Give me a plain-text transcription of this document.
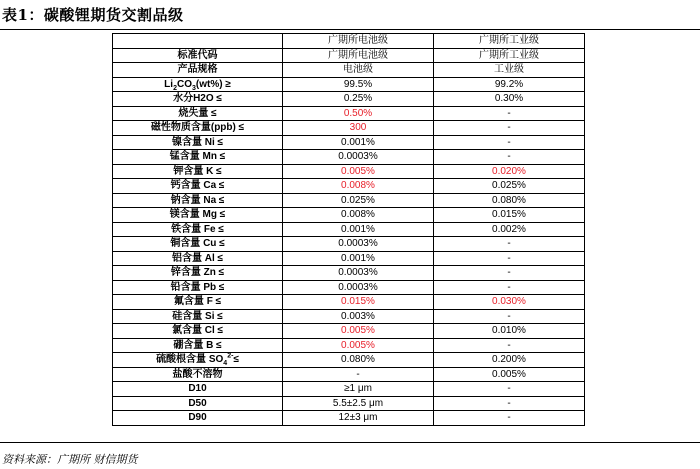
表1：碳酸锂期货交割品级
	广期所电池级	广期所工业级
标准代码	广期所电池级	广期所工业级
产品规格	电池级	工业级
$Li_2CO_3(wt\%)$ ≥	99.5%	99.2%
水分H2O ≤	0.25%	0.30%
烧失量 ≤	0.50%	-
磁性物质含量(ppb) ≤	300	-
镍含量 Ni ≤	0.001%	-
锰含量 Mn ≤	0.0003%	-
钾含量 K ≤	0.005%	0.020%
钙含量 Ca ≤	0.008%	0.025%
钠含量 Na ≤	0.025%	0.080%
镁含量 Mg ≤	0.008%	0.015%
铁含量 Fe ≤	0.001%	0.002%
铜含量 Cu ≤	0.0003%	-
铝含量 Al ≤	0.001%	-
锌含量 Zn ≤	0.0003%	-
铅含量 Pb ≤	0.0003%	-
氟含量 F ≤	0.015%	0.030%
硅含量 Si ≤	0.003%	-
氯含量 Cl ≤	0.005%	0.010%
硼含量 B ≤	0.005%	-
硫酸根含量 $SO_4^{2-}\le$	0.080%	0.200%
盐酸不溶物	-	0.005%
D10	≥1 μm	-
D50	5.5±2.5 μm	-
D90	12±3 μm	-
资料来源：广期所 财信期货
